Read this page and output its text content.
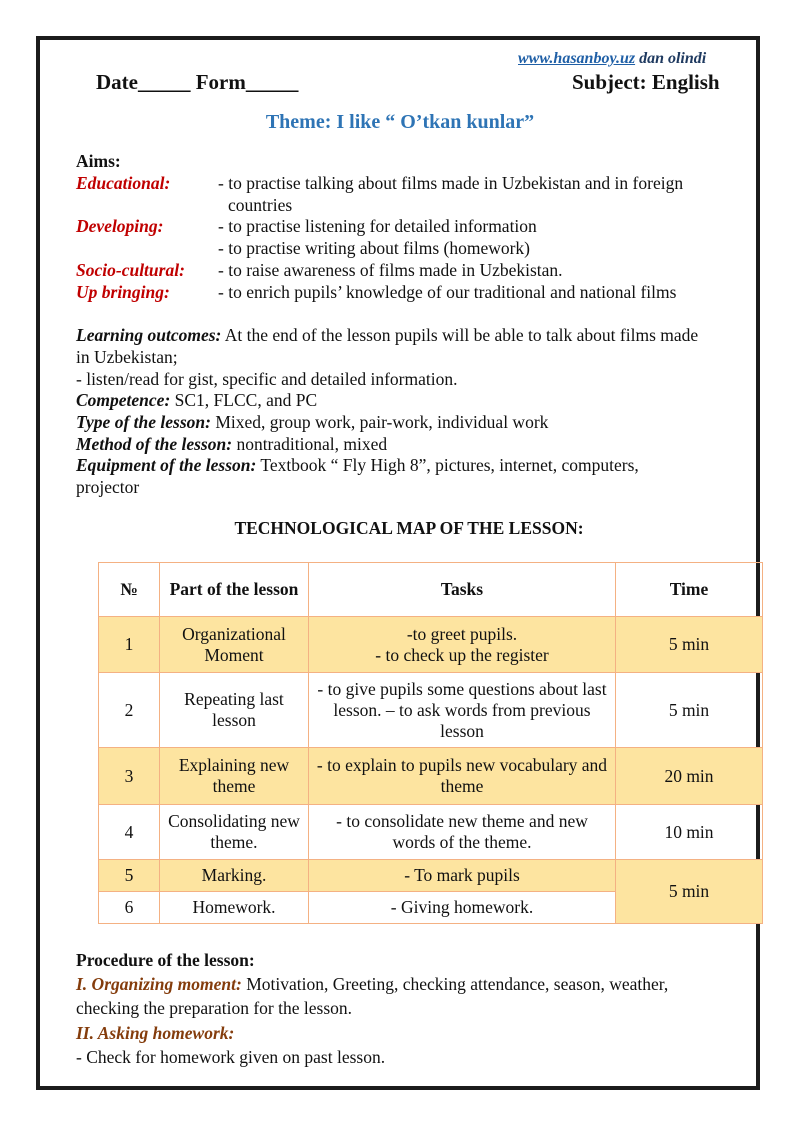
www.hasanboy.uz dan olindi
Date_____ Form_____	Subject: English
Theme: I like “ O’tkan kunlar”
Aims:
Educational:	- to practise talking about films made in Uzbekistan and in foreign
countries
Developing:	- to practise listening for detailed information
- to practise writing about films (homework)
Socio-cultural: - to raise awareness of films made in Uzbekistan.
Up bringing:	- to enrich pupils’ knowledge of our traditional and national films
Learning outcomes: At the end of the lesson pupils will be able to talk about films made
in Uzbekistan;
- listen/read for gist, specific and detailed information.
Competence: SC1, FLCC, and PC
Type of the lesson: Mixed, group work, pair-work, individual work
Method of the lesson: nontraditional, mixed
Equipment of the lesson: Textbook “ Fly High 8”, pictures, internet, computers,
projector
TECHNOLOGICAL MAP OF THE LESSON:
№	Part of the lesson	Tasks	Time
1	Organizational Moment	-to greet pupils.
- to check up the register	5 min
2	Repeating last lesson	- to give pupils some questions about last lesson. – to ask words from previous lesson	5 min
3	Explaining new theme	- to explain to pupils new vocabulary and theme	20 min
4	Consolidating new theme.	- to consolidate new theme and new words of the theme.	10 min
5	Marking.	- To mark pupils	5 min
6	Homework.	- Giving homework.	
Procedure of the lesson:
I. Organizing moment: Motivation, Greeting, checking attendance, season, weather,
checking the preparation for the lesson.
II. Asking homework:
- Check for homework given on past lesson.
